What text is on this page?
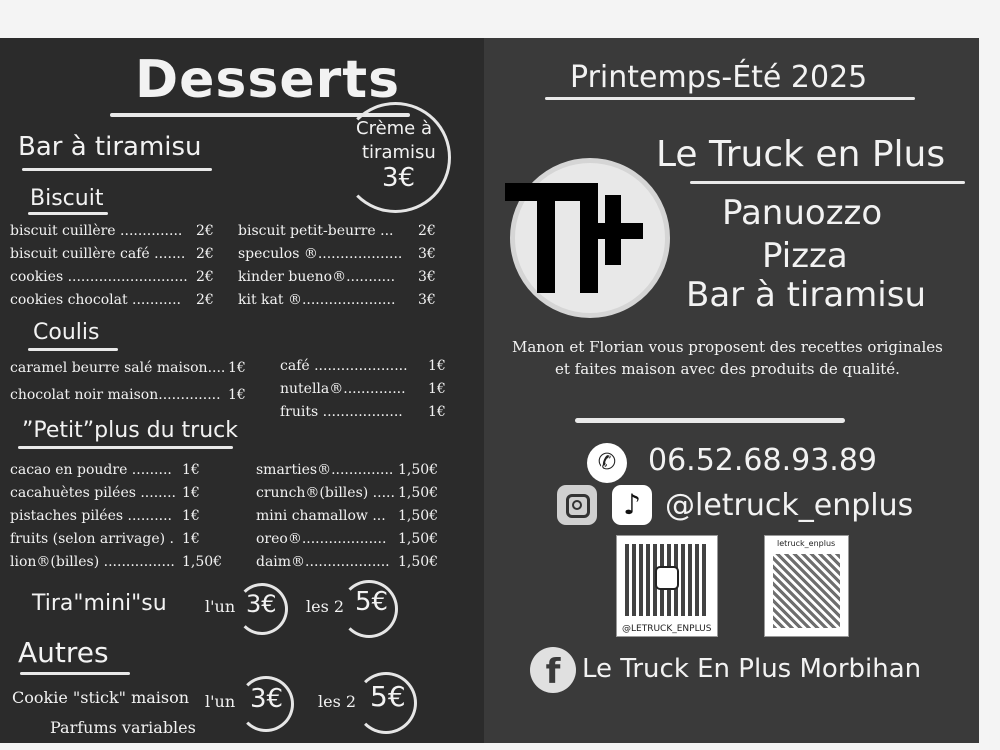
Desserts
Bar à tiramisu
Crème à
tiramisu
3€
Biscuit
biscuit cuillère .............. 2€
biscuit cuillère café ....... 2€
cookies ........................... 2€
cookies chocolat ........... 2€
biscuit petit-beurre ... 2€
speculos ®................... 3€
kinder bueno®........... 3€
kit kat ®..................... 3€
Coulis
caramel beurre salé maison.... 1€
chocolat noir maison.............. 1€
café ..................... 1€
nutella®.............. 1€
fruits .................. 1€
”Petit”plus du truck
cacao en poudre ......... 1€
cacahuètes pilées ........ 1€
pistaches pilées .......... 1€
fruits (selon arrivage) . 1€
lion®(billes) ................ 1,50€
smarties®.............. 1,50€
crunch®(billes) ..... 1,50€
mini chamallow ... 1,50€
oreo®................... 1,50€
daim®................... 1,50€
Tira"mini"su l'un 3€ les 2 5€
Autres
Cookie "stick" maison
Parfums variables
l'un 3€ les 2 5€
Printemps-Été 2025
Le Truck en Plus
Panuozzo
Pizza
Bar à tiramisu
Manon et Florian vous proposent des recettes originales
et faites maison avec des produits de qualité.
✆	06.52.68.93.89
♪ @letruck_enplus
@LETRUCK_ENPLUS
letruck_enplus
f Le Truck En Plus Morbihan
